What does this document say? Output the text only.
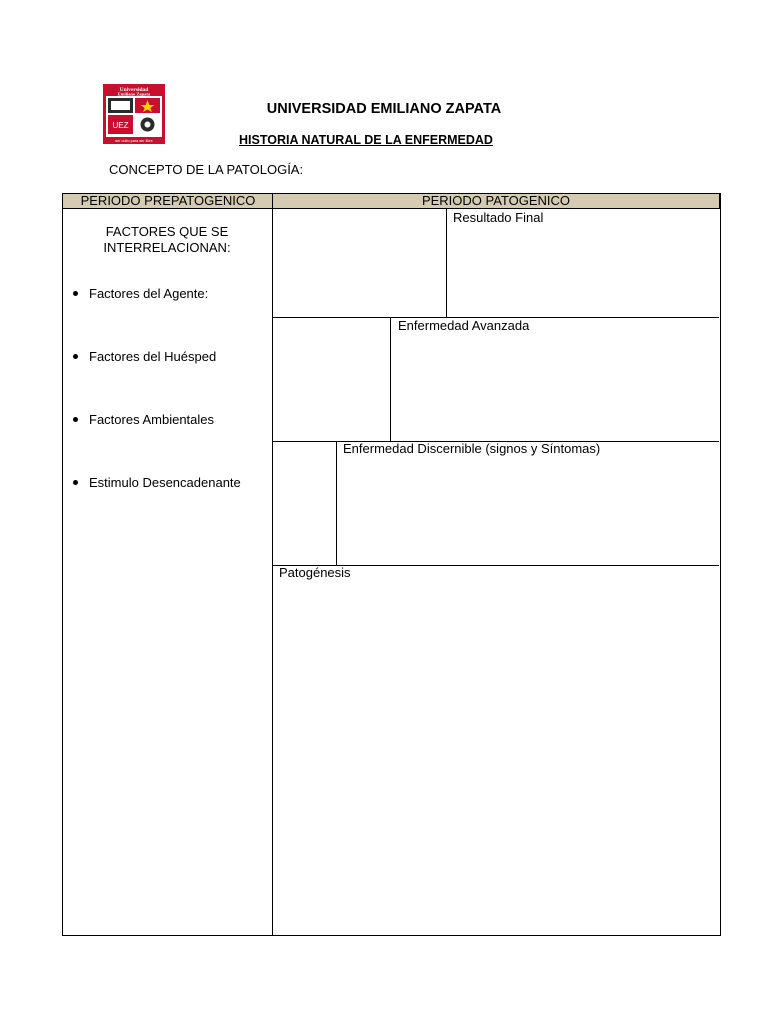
UEZ
Universidad
Emiliano Zapata
ser culto para ser libre
UNIVERSIDAD EMILIANO ZAPATA
HISTORIA NATURAL DE LA ENFERMEDAD
CONCEPTO DE LA PATOLOGÍA:
PERIODO PREPATOGENICO	PERIODO PATOGENICO
FACTORES QUE SE INTERRELACIONAN:
Factores del Agente:
Factores del Huésped
Factores Ambientales
Estimulo Desencadenante
Resultado Final
Enfermedad Avanzada
Enfermedad Discernible (signos y Síntomas)
Patogénesis
